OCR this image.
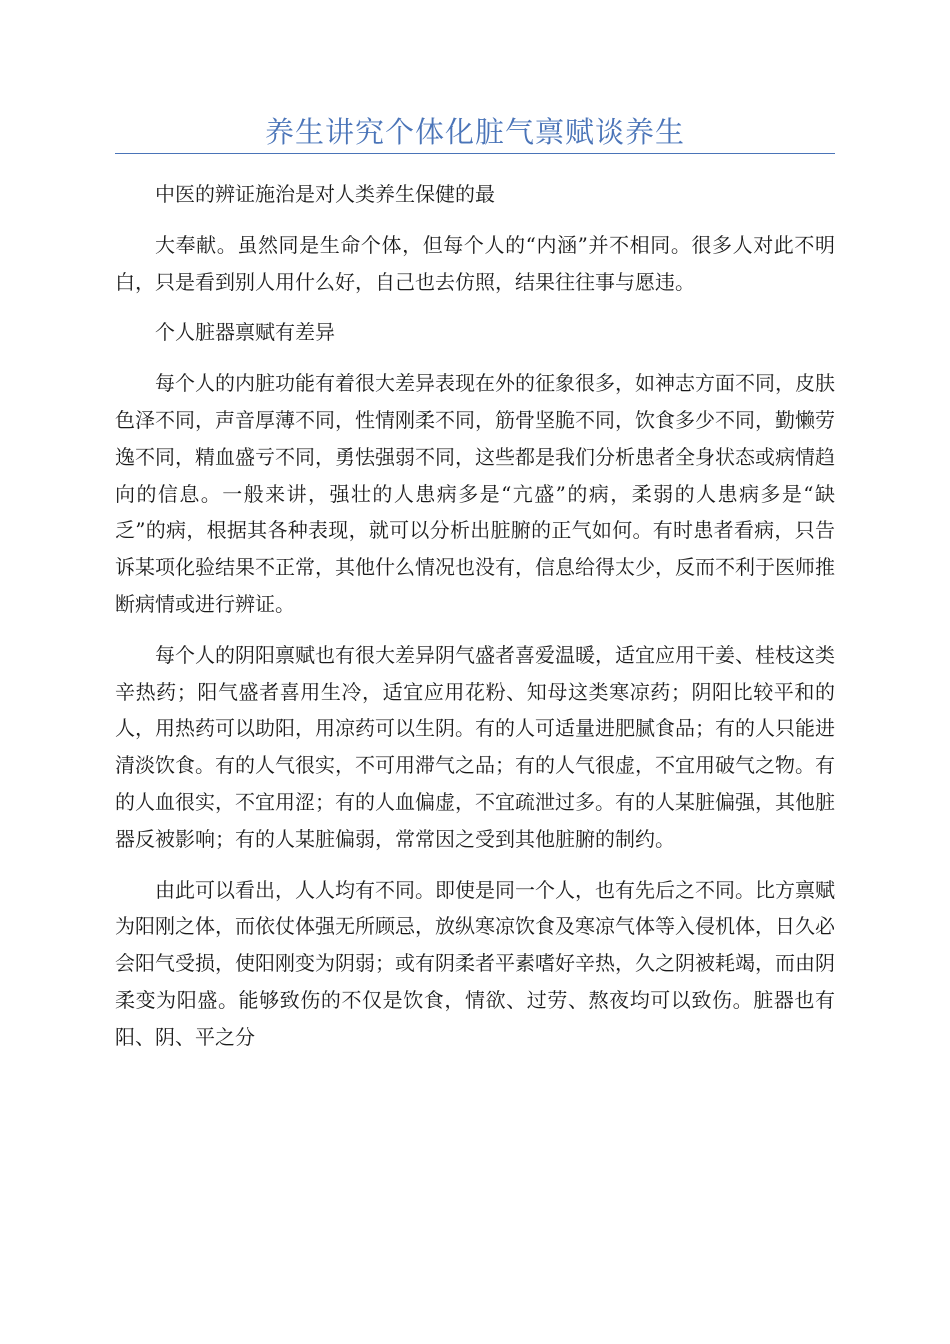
养生讲究个体化脏气禀赋谈养生

中医的辨证施治是对人类养生保健的最

大奉献。虽然同是生命个体，但每个人的“内涵”并不相同。很多人对此不明白，只是看到别人用什么好，自己也去仿照，结果往往事与愿违。

个人脏器禀赋有差异

每个人的内脏功能有着很大差异表现在外的征象很多，如神志方面不同，皮肤色泽不同，声音厚薄不同，性情刚柔不同，筋骨坚脆不同，饮食多少不同，勤懒劳逸不同，精血盛亏不同，勇怯强弱不同，这些都是我们分析患者全身状态或病情趋向的信息。一般来讲，强壮的人患病多是“亢盛”的病，柔弱的人患病多是“缺乏”的病，根据其各种表现，就可以分析出脏腑的正气如何。有时患者看病，只告诉某项化验结果不正常，其他什么情况也没有，信息给得太少，反而不利于医师推断病情或进行辨证。

每个人的阴阳禀赋也有很大差异阴气盛者喜爱温暖，适宜应用干姜、桂枝这类辛热药；阳气盛者喜用生冷，适宜应用花粉、知母这类寒凉药；阴阳比较平和的人，用热药可以助阳，用凉药可以生阴。有的人可适量进肥腻食品；有的人只能进清淡饮食。有的人气很实，不可用滞气之品；有的人气很虚，不宜用破气之物。有的人血很实，不宜用涩；有的人血偏虚，不宜疏泄过多。有的人某脏偏强，其他脏器反被影响；有的人某脏偏弱，常常因之受到其他脏腑的制约。

由此可以看出，人人均有不同。即使是同一个人，也有先后之不同。比方禀赋为阳刚之体，而依仗体强无所顾忌，放纵寒凉饮食及寒凉气体等入侵机体，日久必会阳气受损，使阳刚变为阴弱；或有阴柔者平素嗜好辛热，久之阴被耗竭，而由阴柔变为阳盛。能够致伤的不仅是饮食，情欲、过劳、熬夜均可以致伤。脏器也有阳、阴、平之分
